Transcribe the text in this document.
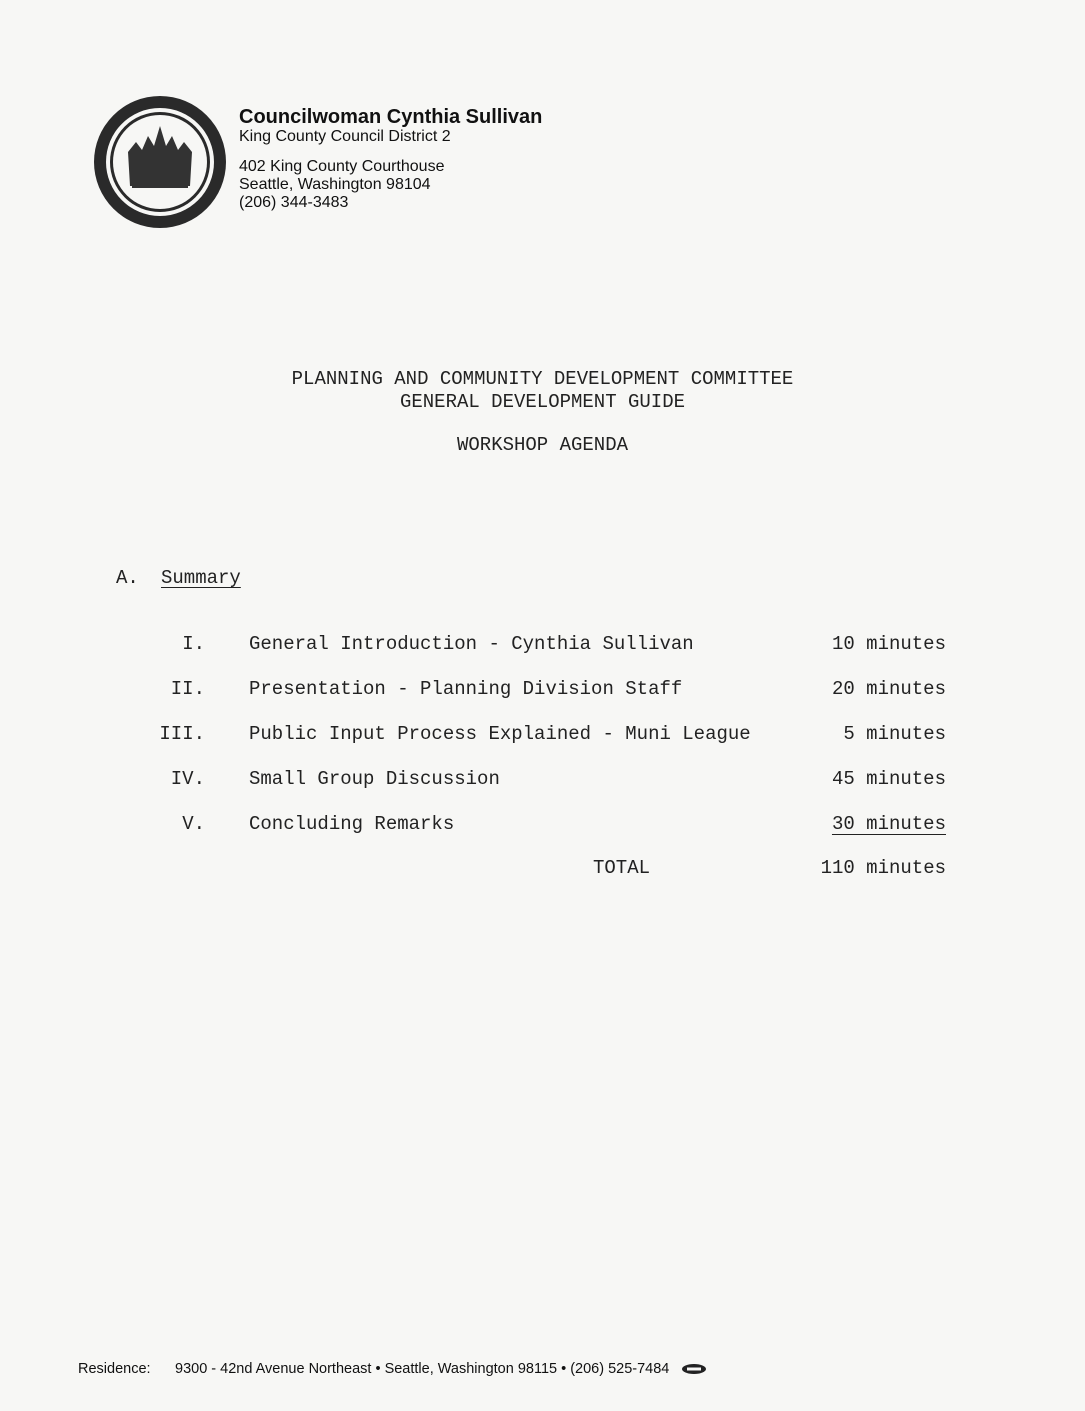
Councilwoman Cynthia Sullivan
King County Council District 2
402 King County Courthouse
Seattle, Washington 98104
(206) 344-3483
PLANNING AND COMMUNITY DEVELOPMENT COMMITTEE
GENERAL DEVELOPMENT GUIDE
WORKSHOP AGENDA
A. Summary
I. General Introduction - Cynthia Sullivan	10 minutes
II. Presentation - Planning Division Staff	20 minutes
III. Public Input Process Explained - Muni League	5 minutes
IV. Small Group Discussion	45 minutes
V. Concluding Remarks	30 minutes
TOTAL	110 minutes
Residence: 9300 - 42nd Avenue Northeast • Seattle, Washington 98115 • (206) 525-7484
